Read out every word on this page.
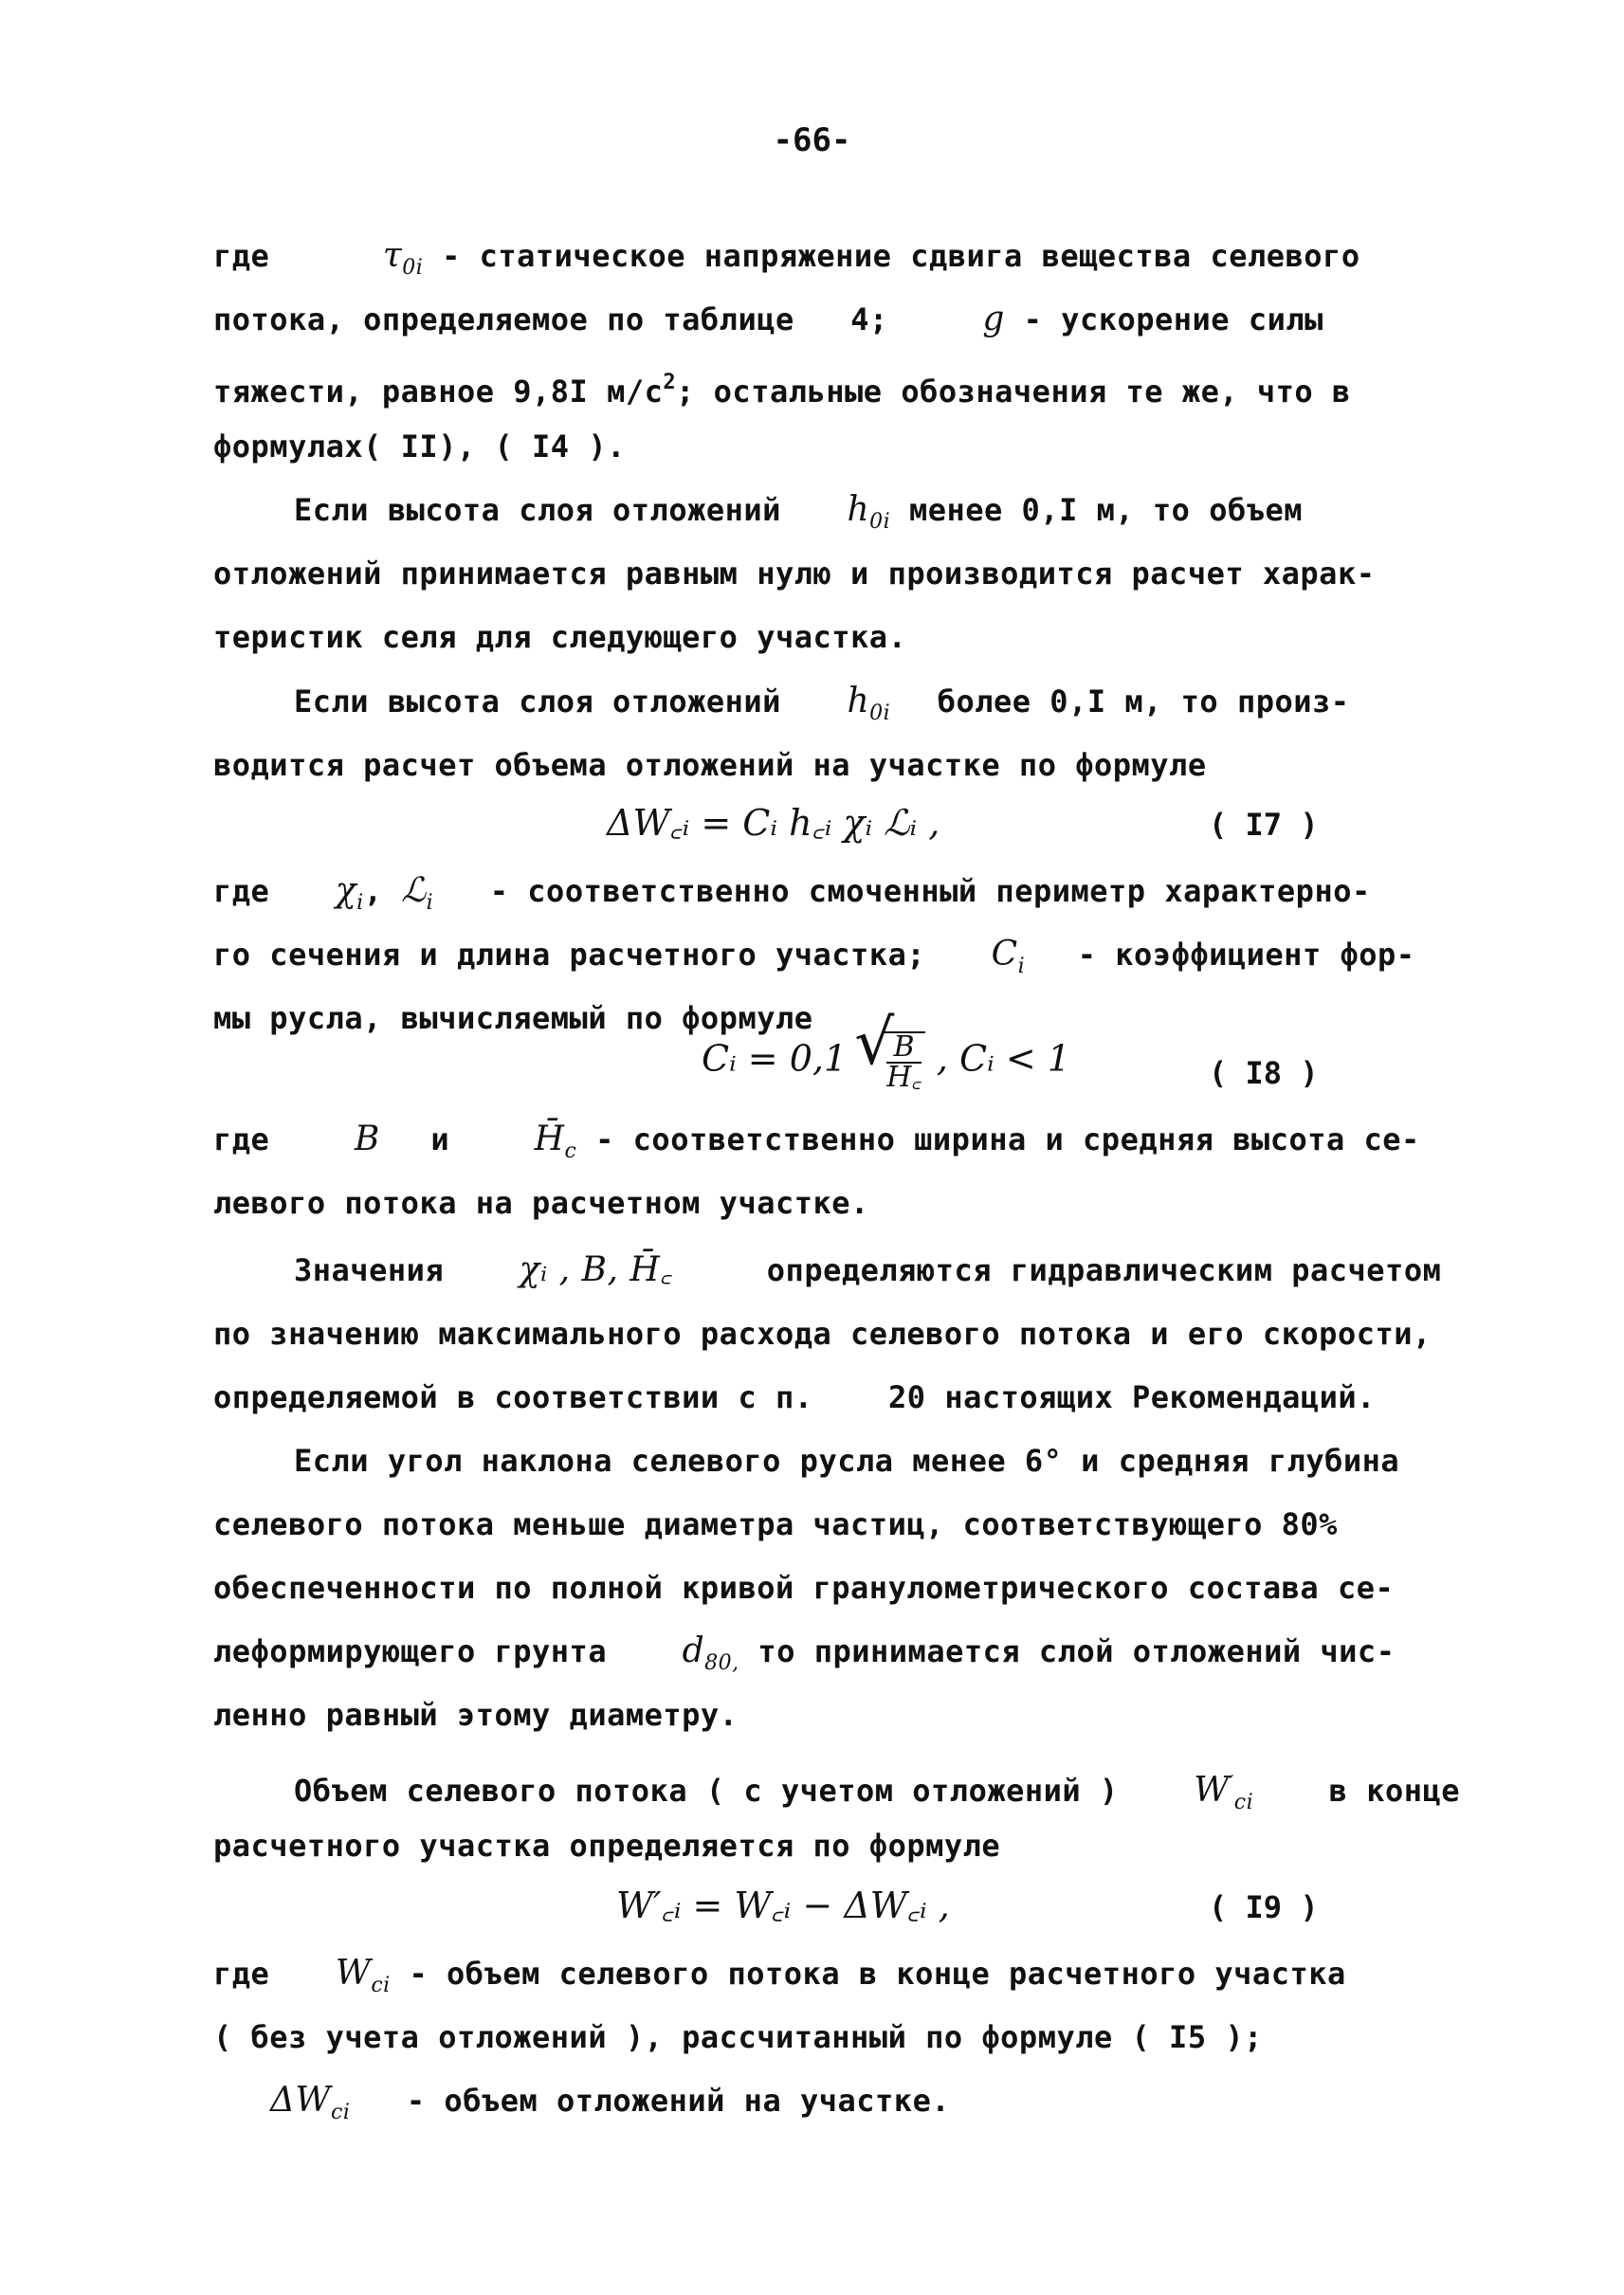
-66-
где	$\tau_{0i}$ - статическое напряжение сдвига вещества селевого
потока, определяемое по таблице 4;	g - ускорение силы
тяжести, равное 9,8I $м/с^2$; остальные обозначения те же, что в
формулах( II), ( I4 ).
Если высота слоя отложений $h_{0i}$ менее 0,I м, то объем
отложений принимается равным нулю и производится расчет харак-
теристик селя для следующего участка.
Если высота слоя отложений $h_{0i}$ более 0,I м, то произ-
водится расчет объема отложений на участке по формуле
ΔW꜀ᵢ = Cᵢ h꜀ᵢ χᵢ ℒᵢ ,	( I7 )
где $\chi_i$, ℒ$_i$ - соответственно смоченный периметр характерно-
го сечения и длина расчетного участка; $C_i$ - коэффициент фор-
мы русла, вычисляемый по формуле
Cᵢ = 0,1
√ $\frac{B}{H꜀}$ , Cᵢ < 1	( I8 )
где B и $H̄_c$ - соответственно ширина и средняя высота се-
левого потока на расчетном участке.
Значения χᵢ , B, H̄꜀	определяются гидравлическим расчетом
по значению максимального расхода селевого потока и его скорости,
определяемой в соответствии с п. 20 настоящих Рекомендаций.
Если угол наклона селевого русла менее 6° и средняя глубина
селевого потока меньше диаметра частиц, соответствующего 80%
обеспеченности по полной кривой гранулометрического состава се-
леформирующего грунта $d_{80,}$ то принимается слой отложений чис-
ленно равный этому диаметру.
Объем селевого потока ( с учетом отложений ) $W'_{ci}$ в конце
расчетного участка определяется по формуле
W′꜀ᵢ = W꜀ᵢ − ΔW꜀ᵢ ,	( I9 )
где $W_{ci}$ - объем селевого потока в конце расчетного участка
( без учета отложений ), рассчитанный по формуле ( I5 );
$\Delta W_{ci}$ - объем отложений на участке.
